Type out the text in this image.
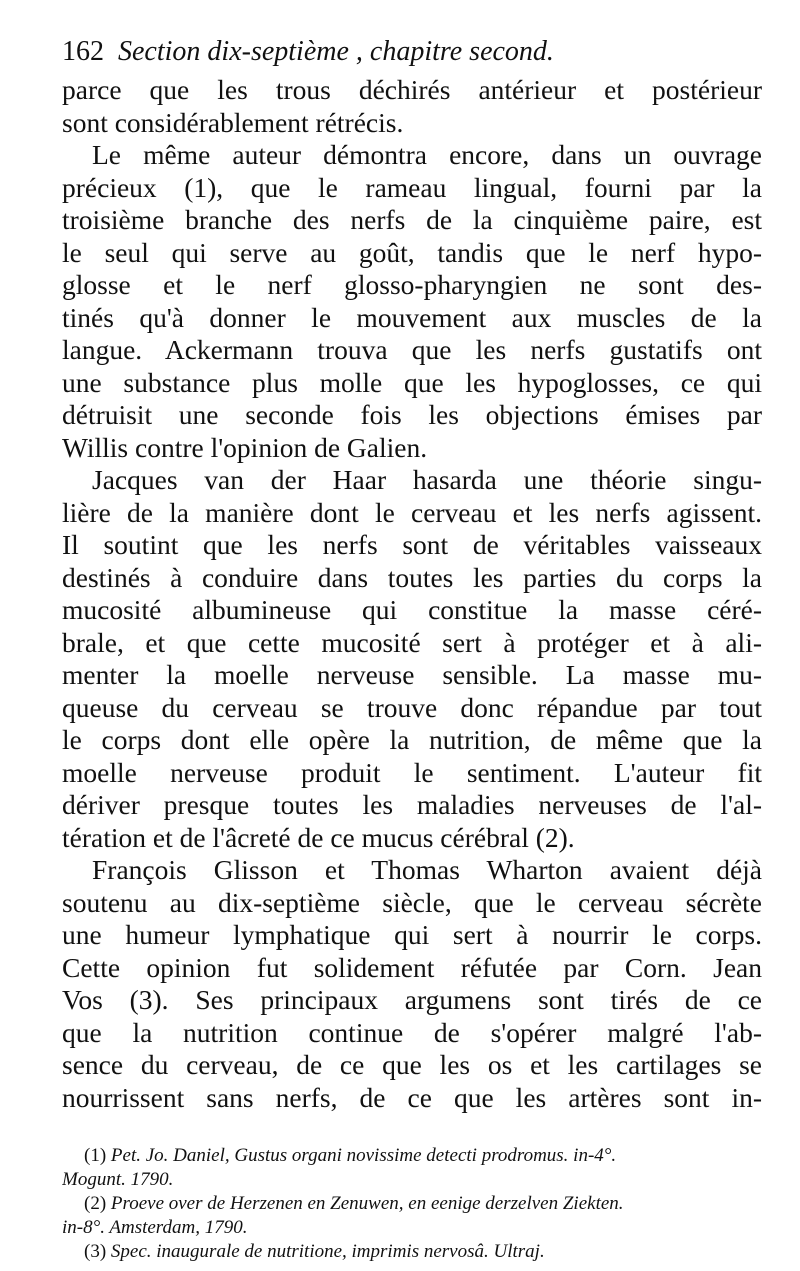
162 Section dix-septième , chapitre second.
parce que les trous déchirés antérieur et postérieur
sont considérablement rétrécis.
Le même auteur démontra encore, dans un ouvrage
précieux (1), que le rameau lingual, fourni par la
troisième branche des nerfs de la cinquième paire, est
le seul qui serve au goût, tandis que le nerf hypo-
glosse et le nerf glosso-pharyngien ne sont des-
tinés qu'à donner le mouvement aux muscles de la
langue. Ackermann trouva que les nerfs gustatifs ont
une substance plus molle que les hypoglosses, ce qui
détruisit une seconde fois les objections émises par
Willis contre l'opinion de Galien.
Jacques van der Haar hasarda une théorie singu-
lière de la manière dont le cerveau et les nerfs agissent.
Il soutint que les nerfs sont de véritables vaisseaux
destinés à conduire dans toutes les parties du corps la
mucosité albumineuse qui constitue la masse céré-
brale, et que cette mucosité sert à protéger et à ali-
menter la moelle nerveuse sensible. La masse mu-
queuse du cerveau se trouve donc répandue par tout
le corps dont elle opère la nutrition, de même que la
moelle nerveuse produit le sentiment. L'auteur fit
dériver presque toutes les maladies nerveuses de l'al-
tération et de l'âcreté de ce mucus cérébral (2).
François Glisson et Thomas Wharton avaient déjà
soutenu au dix-septième siècle, que le cerveau sécrète
une humeur lymphatique qui sert à nourrir le corps.
Cette opinion fut solidement réfutée par Corn. Jean
Vos (3). Ses principaux argumens sont tirés de ce
que la nutrition continue de s'opérer malgré l'ab-
sence du cerveau, de ce que les os et les cartilages se
nourrissent sans nerfs, de ce que les artères sont in-
(1) Pet. Jo. Daniel, Gustus organi novissime detecti prodromus. in-4°.
Mogunt. 1790.
(2) Proeve over de Herzenen en Zenuwen, en eenige derzelven Ziekten.
in-8°. Amsterdam, 1790.
(3) Spec. inaugurale de nutritione, imprimis nervosâ. Ultraj.
